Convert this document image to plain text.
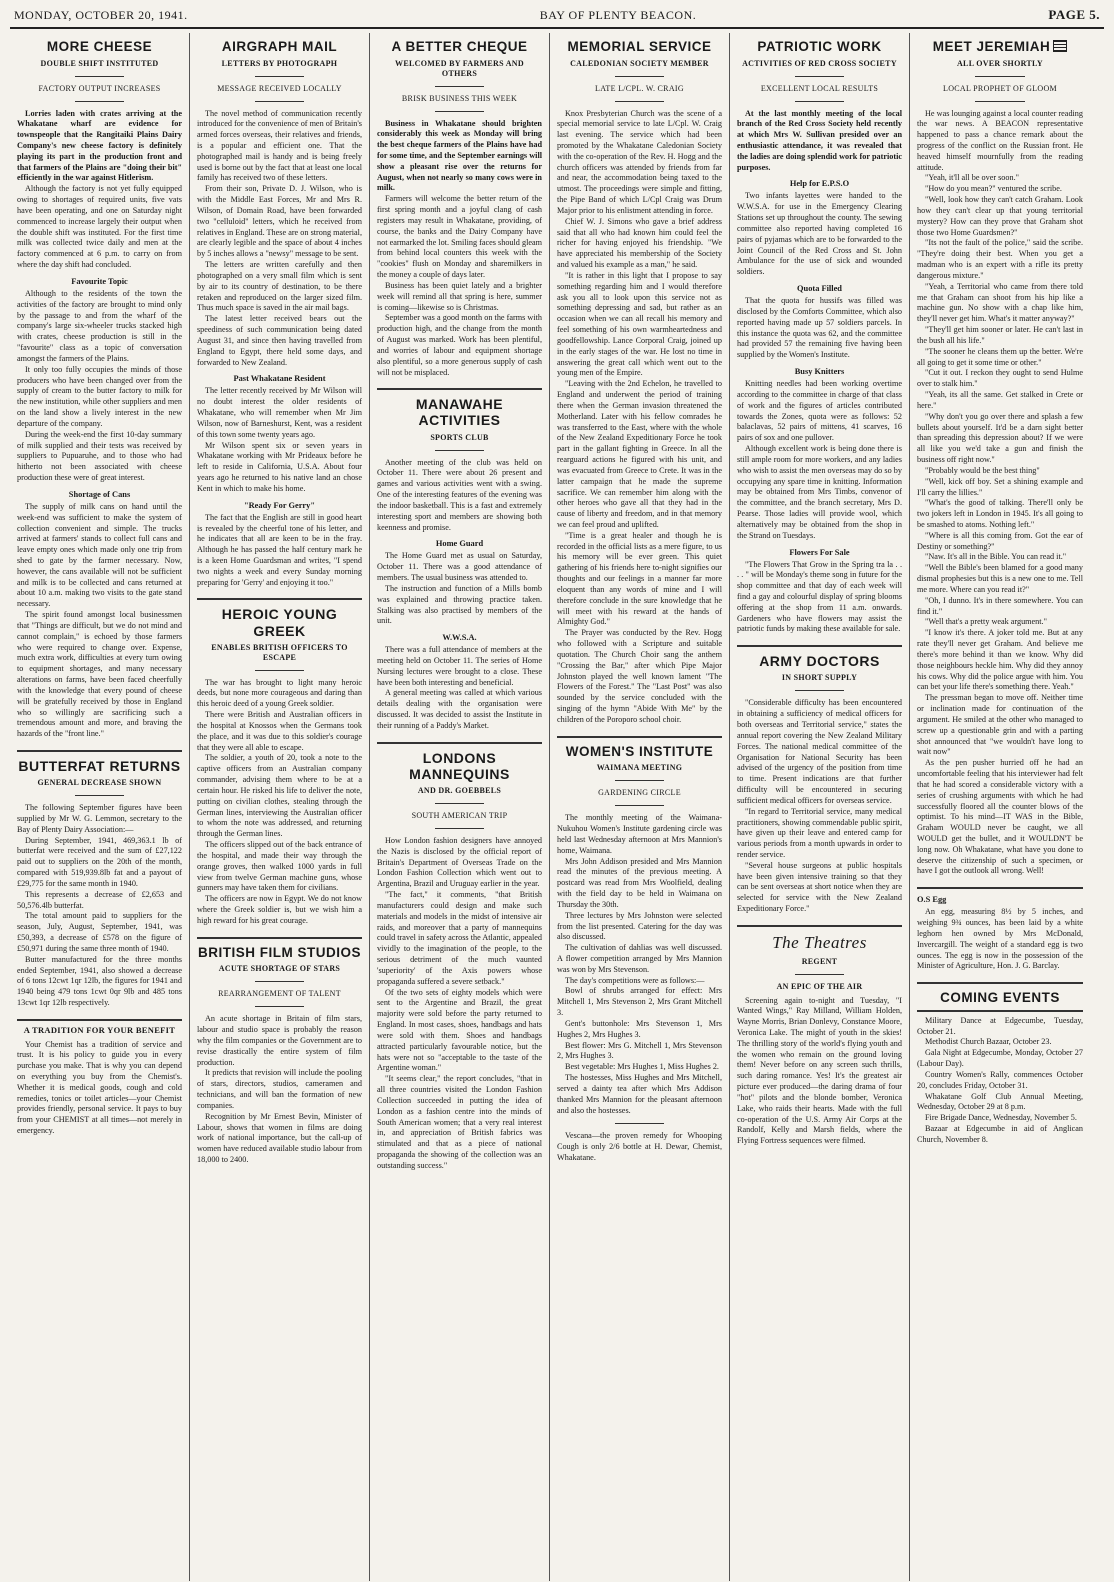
MONDAY, OCTOBER 20, 1941.	BAY OF PLENTY BEACON.	PAGE 5.
MORE CHEESE
DOUBLE SHIFT INSTITUTED
FACTORY OUTPUT INCREASES

Lorries laden with crates arriving at the Whakatane wharf are evidence for townspeople that the Rangitaiki Plains Dairy Company's new cheese factory is definitely playing its part in the production front and that farmers of the Plains are "doing their bit" efficiently in the war against Hitlerism.

Although the factory is not yet fully equipped owing to shortages of required units, five vats have been operating, and one on Saturday night commenced to increase largely their output when the double shift was instituted. For the first time milk was collected twice daily and men at the factory commenced at 6 p.m. to carry on from where the day shift had concluded.

Favourite Topic

Although to the residents of the town the activities of the factory are brought to mind only by the passage to and from the wharf of the company's large six-wheeler trucks stacked high with crates, cheese production is still in the "favourite" class as a topic of conversation amongst the farmers of the Plains.

It only too fully occupies the minds of those producers who have been changed over from the supply of cream to the butter factory to milk for the new institution, while other suppliers and men on the land show a lively interest in the new departure of the company.

During the week-end the first 10-day summary of milk supplied and their tests was received by suppliers to Pupuaruhe, and to those who had hitherto not been associated with cheese production these were of great interest.

Shortage of Cans

The supply of milk cans on hand until the week-end was sufficient to make the system of collection convenient and simple. The trucks arrived at farmers' stands to collect full cans and leave empty ones which made only one trip from shed to gate by the farmer necessary. Now, however, the cans available will not be sufficient and milk is to be collected and cans returned at about 10 a.m. making two visits to the gate stand necessary.

The spirit found amongst local businessmen that "Things are difficult, but we do not mind and cannot complain," is echoed by those farmers who were required to change over. Expense, much extra work, difficulties at every turn owing to equipment shortages, and many necessary alterations on farms, have been faced cheerfully with the knowledge that every pound of cheese will be gratefully received by those in England who so willingly are sacrificing such a tremendous amount and more, and braving the hazards of the "front line."

BUTTERFAT RETURNS
GENERAL DECREASE SHOWN

The following September figures have been supplied by Mr W. G. Lemmon, secretary to the Bay of Plenty Dairy Association:—

During September, 1941, 469,363.1 lb of butterfat were received and the sum of £27,122 paid out to suppliers on the 20th of the month, compared with 519,939.8lb fat and a payout of £29,775 for the same month in 1940.

This represents a decrease of £2,653 and 50,576.4lb butterfat.

The total amount paid to suppliers for the season, July, August, September, 1941, was £50,393, a decrease of £578 on the figure of £50,971 during the same three month of 1940.

Butter manufactured for the three months ended September, 1941, also showed a decrease of 6 tons 12cwt 1qr 12lb, the figures for 1941 and 1940 being 479 tons 1cwt 0qr 9lb and 485 tons 13cwt 1qr 12lb respectively.

A TRADITION FOR YOUR BENEFIT

Your Chemist has a tradition of service and trust. It is his policy to guide you in every purchase you make. That is why you can depend on everything you buy from the Chemist's. Whether it is medical goods, cough and cold remedies, tonics or toilet articles—your Chemist provides friendly, personal service. It pays to buy from your CHEMIST at all times—not merely in emergency.

AIRGRAPH MAIL
LETTERS BY PHOTOGRAPH
MESSAGE RECEIVED LOCALLY

The novel method of communication recently introduced for the convenience of men of Britain's armed forces overseas, their relatives and friends, is a popular and efficient one. That the photographed mail is handy and is being freely used is borne out by the fact that at least one local family has received two of these letters.

From their son, Private D. J. Wilson, who is with the Middle East Forces, Mr and Mrs R. Wilson, of Domain Road, have been forwarded two "celluloid" letters, which he received from relatives in England. These are on strong material, are clearly legible and the space of about 4 inches by 5 inches allows a "newsy" message to be sent.

The letters are written carefully and then photographed on a very small film which is sent by air to its country of destination, to be there retaken and reproduced on the larger sized film. Thus much space is saved in the air mail bags.

The latest letter received bears out the speediness of such communication being dated August 31, and since then having travelled from England to Egypt, there held some days, and forwarded to New Zealand.

Past Whakatane Resident

The letter recently received by Mr Wilson will no doubt interest the older residents of Whakatane, who will remember when Mr Jim Wilson, now of Barneshurst, Kent, was a resident of this town some twenty years ago.

Mr Wilson spent six or seven years in Whakatane working with Mr Prideaux before he left to reside in California, U.S.A. About four years ago he returned to his native land an chose Kent in which to make his home.

"Ready For Gerry"

The fact that the English are still in good heart is revealed by the cheerful tone of his letter, and he indicates that all are keen to be in the fray. Although he has passed the half century mark he is a keen Home Guardsman and writes, "I spend two nights a week and every Sunday morning preparing for 'Gerry' and enjoying it too."

HEROIC YOUNG GREEK
ENABLES BRITISH OFFICERS TO ESCAPE

The war has brought to light many heroic deeds, but none more courageous and daring than this heroic deed of a young Greek soldier.

There were British and Australian officers in the hospital at Knossos when the Germans took the place, and it was due to this soldier's courage that they were all able to escape.

The soldier, a youth of 20, took a note to the captive officers from an Australian company commander, advising them where to be at a certain hour. He risked his life to deliver the note, putting on civilian clothes, stealing through the German lines, interviewing the Australian officer to whom the note was addressed, and returning through the German lines.

The officers slipped out of the back entrance of the hospital, and made their way through the orange groves, then walked 1000 yards in full view from twelve German machine guns, whose gunners may have taken them for civilians.

The officers are now in Egypt. We do not know where the Greek soldier is, but we wish him a high reward for his great courage.

BRITISH FILM STUDIOS
ACUTE SHORTAGE OF STARS
REARRANGEMENT OF TALENT

An acute shortage in Britain of film stars, labour and studio space is probably the reason why the film companies or the Government are to revise drastically the entire system of film production.

It predicts that revision will include the pooling of stars, directors, studios, cameramen and technicians, and will ban the formation of new companies.

Recognition by Mr Ernest Bevin, Minister of Labour, shows that women in films are doing work of national importance, but the call-up of women have reduced available studio labour from 18,000 to 2400.

A BETTER CHEQUE
WELCOMED BY FARMERS AND OTHERS
BRISK BUSINESS THIS WEEK

Business in Whakatane should brighten considerably this week as Monday will bring the best cheque farmers of the Plains have had for some time, and the September earnings will show a pleasant rise over the returns for August, when not nearly so many cows were in milk.

Farmers will welcome the better return of the first spring month and a joyful clang of cash registers may result in Whakatane, providing, of course, the banks and the Dairy Company have not earmarked the lot. Smiling faces should gleam from behind local counters this week with the "cookies" flush on Monday and sharemilkers in the money a couple of days later.

Business has been quiet lately and a brighter week will remind all that spring is here, summer is coming—likewise so is Christmas.

September was a good month on the farms with production high, and the change from the month of August was marked. Work has been plentiful, and worries of labour and equipment shortage also plentiful, so a more generous supply of cash will not be misplaced.

MANAWAHE ACTIVITIES
SPORTS CLUB

Another meeting of the club was held on October 11. There were about 26 present and games and various activities went with a swing. One of the interesting features of the evening was the indoor basketball. This is a fast and extremely interesting sport and members are showing both keenness and promise.

Home Guard

The Home Guard met as usual on Saturday, October 11. There was a good attendance of members. The usual business was attended to.

The instruction and function of a Mills bomb was explained and throwing practice taken. Stalking was also practised by members of the unit.

W.W.S.A.

There was a full attendance of members at the meeting held on October 11. The series of Home Nursing lectures were brought to a close. These have been both interesting and beneficial.

A general meeting was called at which various details dealing with the organisation were discussed. It was decided to assist the Institute in their running of a Paddy's Market.

LONDONS MANNEQUINS
AND DR. GOEBBELS
SOUTH AMERICAN TRIP

How London fashion designers have annoyed the Nazis is disclosed by the official report of Britain's Department of Overseas Trade on the London Fashion Collection which went out to Argentina, Brazil and Uruguay earlier in the year.

"The fact," it comments, "that British manufacturers could design and make such materials and models in the midst of intensive air raids, and moreover that a party of mannequins could travel in safety across the Atlantic, appealed vividly to the imagination of the people, to the serious detriment of the much vaunted 'superiority' of the Axis powers whose propaganda suffered a severe setback."

Of the two sets of eighty models which were sent to the Argentine and Brazil, the great majority were sold before the party returned to England. In most cases, shoes, handbags and hats were sold with them. Shoes and handbags attracted particularly favourable notice, but the hats were not so "acceptable to the taste of the Argentine woman."

"It seems clear," the report concludes, "that in all three countries visited the London Fashion Collection succeeded in putting the idea of London as a fashion centre into the minds of South American women; that a very real interest in, and appreciation of British fabrics was stimulated and that as a piece of national propaganda the showing of the collection was an outstanding success."

MEMORIAL SERVICE
CALEDONIAN SOCIETY MEMBER
LATE L/CPL. W. CRAIG

Knox Presbyterian Church was the scene of a special memorial service to late L/Cpl. W. Craig last evening. The service which had been promoted by the Whakatane Caledonian Society with the co-operation of the Rev. H. Hogg and the church officers was attended by friends from far and near, the accommodation being taxed to the utmost. The proceedings were simple and fitting, the Pipe Band of which L/Cpl Craig was Drum Major prior to his enlistment attending in force.

Chief W. J. Simons who gave a brief address said that all who had known him could feel the richer for having enjoyed his friendship. "We have appreciated his membership of the Society and valued his example as a man," he said.

"It is rather in this light that I propose to say something regarding him and I would therefore ask you all to look upon this service not as something depressing and sad, but rather as an occasion when we can all recall his memory and feel something of his own warmheartedness and goodfellowship. Lance Corporal Craig, joined up in the early stages of the war. He lost no time in answering the great call which went out to the young men of the Empire.

"Leaving with the 2nd Echelon, he travelled to England and underwent the period of training there when the German invasion threatened the Motherland. Later with his fellow comrades he was transferred to the East, where with the whole of the New Zealand Expeditionary Force he took part in the gallant fighting in Greece. In all the rearguard actions he figured with his unit, and was evacuated from Greece to Crete. It was in the latter campaign that he made the supreme sacrifice. We can remember him along with the other heroes who gave all that they had in the cause of liberty and freedom, and in that memory we can feel proud and uplifted.

"Time is a great healer and though he is recorded in the official lists as a mere figure, to us his memory will be ever green. This quiet gathering of his friends here to-night signifies our thoughts and our feelings in a manner far more eloquent than any words of mine and I will therefore conclude in the sure knowledge that he will meet with his reward at the hands of Almighty God."

The Prayer was conducted by the Rev. Hogg who followed with a Scripture and suitable quotation. The Church Choir sang the anthem "Crossing the Bar," after which Pipe Major Johnston played the well known lament "The Flowers of the Forest." The "Last Post" was also sounded by the service concluded with the singing of the hymn "Abide With Me" by the children of the Poroporo school choir.

WOMEN'S INSTITUTE
WAIMANA MEETING
GARDENING CIRCLE

The monthly meeting of the Waimana-Nukuhou Women's Institute gardening circle was held last Wednesday afternoon at Mrs Mannion's home, Waimana.

Mrs John Addison presided and Mrs Mannion read the minutes of the previous meeting. A postcard was read from Mrs Woolfield, dealing with the field day to be held in Waimana on Thursday the 30th.

Three lectures by Mrs Johnston were selected from the list presented. Catering for the day was also discussed.

The cultivation of dahlias was well discussed. A flower competition arranged by Mrs Mannion was won by Mrs Stevenson.

The day's competitions were as follows:—

Bowl of shrubs arranged for effect: Mrs Mitchell 1, Mrs Stevenson 2, Mrs Grant Mitchell 3.

Gent's buttonhole: Mrs Stevenson 1, Mrs Hughes 2, Mrs Hughes 3.

Best flower: Mrs G. Mitchell 1, Mrs Stevenson 2, Mrs Hughes 3.

Best vegetable: Mrs Hughes 1, Miss Hughes 2.

The hostesses, Miss Hughes and Mrs Mitchell, served a dainty tea after which Mrs Addison thanked Mrs Mannion for the pleasant afternoon and also the hostesses.

Vescana—the proven remedy for Whooping Cough is only 2/6 bottle at H. Dewar, Chemist, Whakatane.

PATRIOTIC WORK
ACTIVITIES OF RED CROSS SOCIETY
EXCELLENT LOCAL RESULTS

At the last monthly meeting of the local branch of the Red Cross Society held recently at which Mrs W. Sullivan presided over an enthusiastic attendance, it was revealed that the ladies are doing splendid work for patriotic purposes.

Help for E.P.S.O

Two infants layettes were handed to the W.W.S.A. for use in the Emergency Clearing Stations set up throughout the county. The sewing committee also reported having completed 16 pairs of pyjamas which are to be forwarded to the Joint Council of the Red Cross and St. John Ambulance for the use of sick and wounded soldiers.

Quota Filled

That the quota for hussifs was filled was disclosed by the Comforts Committee, which also reported having made up 57 soldiers parcels. In this instance the quota was 62, and the committee had provided 57 the remaining five having been supplied by the Women's Institute.

Busy Knitters

Knitting needles had been working overtime according to the committee in charge of that class of work and the figures of articles contributed towards the Zones, quota were as follows: 52 balaclavas, 52 pairs of mittens, 41 scarves, 16 pairs of sox and one pullover.

Although excellent work is being done there is still ample room for more workers, and any ladies who wish to assist the men overseas may do so by occupying any spare time in knitting. Information may be obtained from Mrs Timbs, convenor of the committee, and the branch secretary, Mrs D. Pearse. Those ladies will provide wool, which alternatively may be obtained from the shop in the Strand on Tuesdays.

Flowers For Sale

"The Flowers That Grow in the Spring tra la . . . . " will be Monday's theme song in future for the shop committee and that day of each week will find a gay and colourful display of spring blooms offering at the shop from 11 a.m. onwards. Gardeners who have flowers may assist the patriotic funds by making these available for sale.

ARMY DOCTORS
IN SHORT SUPPLY

"Considerable difficulty has been encountered in obtaining a sufficiency of medical officers for both overseas and Territorial service," states the annual report covering the New Zealand Military Forces. The national medical committee of the Organisation for National Security has been advised of the urgency of the position from time to time. Present indications are that further difficulty will be encountered in securing sufficient medical officers for overseas service.

"In regard to Territorial service, many medical practitioners, showing commendable public spirit, have given up their leave and entered camp for various periods from a month upwards in order to render service.

"Several house surgeons at public hospitals have been given intensive training so that they can be sent overseas at short notice when they are selected for service with the New Zealand Expeditionary Force."

The Theatres
REGENT
AN EPIC OF THE AIR

Screening again to-night and Tuesday, "I Wanted Wings," Ray Milland, William Holden, Wayne Morris, Brian Donlevy, Constance Moore, Veronica Lake. The might of youth in the skies! The thrilling story of the world's flying youth and the women who remain on the ground loving them! Never before on any screen such thrills, such daring romance. Yes! It's the greatest air picture ever produced—the daring drama of four "hot" pilots and the blonde bomber, Veronica Lake, who raids their hearts. Made with the full co-operation of the U.S. Army Air Corps at the Randolf, Kelly and Marsh fields, where the Flying Fortress sequences were filmed.

MEET JEREMIAH
ALL OVER SHORTLY
LOCAL PROPHET OF GLOOM

He was lounging against a local counter reading the war news. A BEACON representative happened to pass a chance remark about the progress of the conflict on the Russian front. He heaved himself mournfully from the reading attitude.

"Yeah, it'll all be over soon."

"How do you mean?" ventured the scribe.

"Well, look how they can't catch Graham. Look how they can't clear up that young territorial mystery? How can they prove that Graham shot those two Home Guardsmen?"

"Its not the fault of the police," said the scribe. "They're doing their best. When you get a madman who is an expert with a rifle its pretty dangerous mixture."

"Yeah, a Territorial who came from there told me that Graham can shoot from his hip like a machine gun. No show with a chap like him, they'll never get him. What's it matter anyway?"

"They'll get him sooner or later. He can't last in the bush all his life."

"The sooner he cleans them up the better. We're all going to get it some time or other."

"Cut it out. I reckon they ought to send Hulme over to stalk him."

"Yeah, its all the same. Get stalked in Crete or here."

"Why don't you go over there and splash a few bullets about yourself. It'd be a darn sight better than spreading this depression about? If we were all like you we'd take a gun and finish the business off right now."

"Probably would be the best thing"

"Well, kick off boy. Set a shining example and I'll carry the lillies."

"What's the good of talking. There'll only be two jokers left in London in 1945. It's all going to be smashed to atoms. Nothing left."

"Where is all this coming from. Got the ear of Destiny or something?"

"Naw. It's all in the Bible. You can read it."

"Well the Bible's been blamed for a good many dismal prophesies but this is a new one to me. Tell me more. Where can you read it?"

"Oh, I dunno. It's in there somewhere. You can find it."

"Well that's a pretty weak argument."

"I know it's there. A joker told me. But at any rate they'll never get Graham. And believe me there's more behind it than we know. Why did those neighbours heckle him. Why did they annoy his cows. Why did the police argue with him. You can bet your life there's something there. Yeah."

The pressman began to move off. Neither time or inclination made for continuation of the argument. He smiled at the other who managed to screw up a questionable grin and with a parting shot announced that "we wouldn't have long to wait now"

As the pen pusher hurried off he had an uncomfortable feeling that his interviewer had felt that he had scored a considerable victory with a series of crushing arguments with which he had successfully floored all the counter blows of the optimist. To his mind—IT WAS in the Bible, Graham WOULD never be caught, we all WOULD get the bullet, and it WOULDN'T be long now. Oh Whakatane, what have you done to deserve the citizenship of such a specimen, or have I got the outlook all wrong. Well!

O.S Egg

An egg, measuring 8½ by 5 inches, and weighing 9¾ ounces, has been laid by a white leghorn hen owned by Mrs McDonald, Invercargill. The weight of a standard egg is two ounces. The egg is now in the possession of the Minister of Agriculture, Hon. J. G. Barclay.

COMING EVENTS

Military Dance at Edgecumbe, Tuesday, October 21.

Methodist Church Bazaar, October 23.

Gala Night at Edgecumbe, Monday, October 27 (Labour Day).

Country Women's Rally, commences October 20, concludes Friday, October 31.

Whakatane Golf Club Annual Meeting, Wednesday, October 29 at 8 p.m.

Fire Brigade Dance, Wednesday, November 5.

Bazaar at Edgecumbe in aid of Anglican Church, November 8.
